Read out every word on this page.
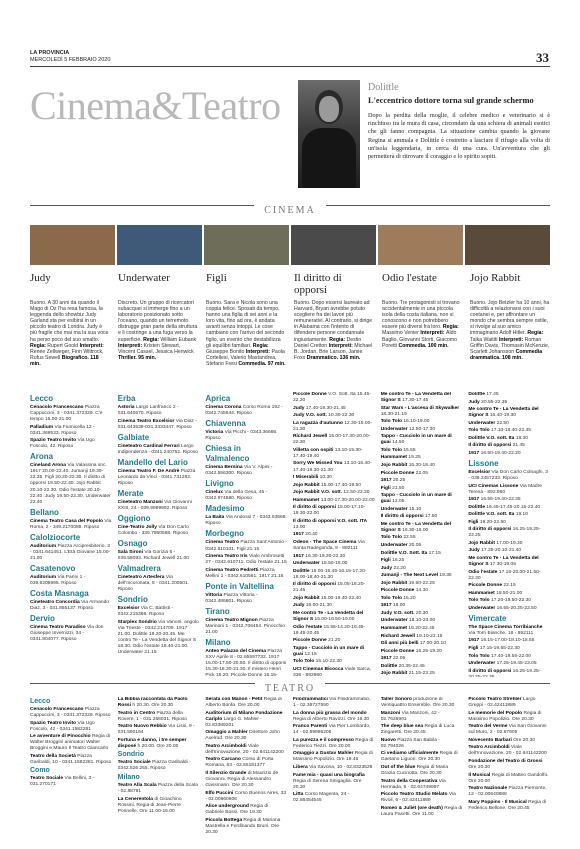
LA PROVINCIA
MERCOLEDÌ 5 FEBBRAIO 2020	33
Cinema&Teatro	Dolittle
L'eccentrico dottore torna sul grande schermo
Dopo la perdita della moglie, il celebre medico e veterinario si è rinchiuso tra le mura di casa, circondato da una schiera di animali esotici che gli fanno compagnia. La situazione cambia quando la giovane Regina si ammala e Dolittle è costretto a lasciare il rifugio alla volta di un'isola leggendaria, in cerca di una cura. Un'avventura che gli permetterà di ritrovare il coraggio e lo spirito sopiti.
CINEMA
Judy
Buono. A 30 anni da quando il Mago di Oz l'ha resa famosa, la leggenda dello showbiz Judy Garland sta per esibirsi in un piccolo teatro di Londra. Judy è più fragile che mai ma la sua voce ha perso poco del suo smalto. Regia: Rupert Goold Interpreti: Renée Zellweger, Finn Wittrock, Rufus Sewell Biografico. 118 min.
Underwater
Discreto. Un gruppo di ricercatori subacquei si immerge fino a un laboratorio posizionato sotto l'oceano, quando un terremoto distrugge gran parte della struttura e li costringe a una fuga verso la superficie. Regia: William Eubank Interpreti: Kristen Stewart, Vincent Cassel, Jessica Henwick Thriller. 95 min.
Figli
Buono. Sara e Nicola sono una coppia felice. Sposati da tempo, hanno una figlia di sei anni e la loro vita, fino ad ora, è andata avanti senza intoppi. Le cose cambiano con l'arrivo del secondo figlio, un evento che destabilizza gli equilibri familiari. Regia: Giuseppe Bonito Interpreti: Paola Cortellesi, Valerio Mastandrea, Stefano Fresi Commedia. 97 min.
Il diritto di opporsi
Buono. Dopo essersi laureato ad Harvard, Bryan avrebbe potuto scegliere fra dei lavori più remunerativi. Al contrario, si dirige in Alabama con l'intento di difendere persone condannate ingiustamente. Regia: Destin Daniel Cretton Interpreti: Michael B. Jordan, Brie Larson, Jamie Foxx Drammatico. 136 min.
Odio l'estate
Buono. Tre protagonisti si trovano accidentalmente in una piccola isola della costa italiana, non si conoscono e non potrebbero essere più diversi fra loro. Regia: Massimo Venier Interpreti: Aldo Baglio, Giovanni Storti, Giacomo Poretti Commedia. 100 min.
Jojo Rabbit
Buono. Jojo Betzler ha 10 anni, ha difficoltà a relazionarsi con i suoi coetanei e, per affrontare un mondo che sembra sempre ostile, si rivolge al suo amico immaginario Adolf Hitler. Regia: Taika Waititi Interpreti: Roman Griffin Davis, Thomasin McKenzie, Scarlett Johansson Commedia drammatica. 108 min.
Lecco
Cenacolo Francescano Piazza Cappuccini, 3 - 0341.372329. C'è tempo 15.00-21.00
Palladium Via Fiumicella 12 - 0341.369533. Riposo
Spazio Teatro Invito Via Ugo Foscolo, 42. Riposo
Arona
Cineland Arona Via Valassina snc. 1917 20.00-22.40. Jumanji 19.30-22.35. Figli 20.20-22.30. Il diritto di opporsi 19.50-22.40. Jojo Rabbit 20.10-22.30. Odio l'estate 20.10-22.40. Judy 19.50-22.30. Underwater 22.40
Bellano
Cinema Teatro Casa del Popolo Via Roma, 2 - 349.2170089. Riposo
Calolziocorte
Auditorium Piazza Arcipresbiterio, 3 - 0341.641451. L'Età Giovane 15.00-21.00
Casatenovo
Auditorium Via Parini 1 - 039.9205995. Riposo
Costa Masnaga
Cineteatro Concordia Via Armando Diaz, 3 - 031.855137. Riposo
Dervio
Cinema Teatro Paradiso Via don Giuseppe Invernizzi, 34 - 0341.804077. Riposo
Erba
Astoria Largo Lanfranco 2 - 031.640670. Riposo
Cinema Teatro Excelsior Via Diaz - 031.643539-031.3333447. Riposo
Galbiate
Cineteatro Cardinal Ferrari Largo Indipendenza - 0341.240752. Riposo
Mandello del Lario
Cinema Teatro F. De Andrè Piazza Leonardo da Vinci - 0341.731282. Riposo
Merate
Cineteatro Manzoni Via Giovanni XXIII, 24 - 039.9989992. Riposo
Oggiono
Cine-Teatro Jolly Via Don Carlo Colombo - 339.7860568. Riposo
Osnago
Sala Sironi Via Gorizia 6 - 039.58093. Richard Jewell 21.00
Valmadrera
Cineteatro Artesfera Via dell'Incoronata, 8 - 0341.200501. Riposo
Sondrio
Excelsior Via C. Battisti - 0342.215368. Riposo
Starplex Sondrio Via Vanoni, angolo Via Trieste - 0342.214709. 1917 21.00. Dolittle 18.20-20.45. Me contro Te - La Vendetta del Signor S 18.30. Odio l'estate 18.40-21.00. Underwater 21.15
Aprica
Cinema Corona Corso Roma 192 - 0342.745544. Riposo
Chiavenna
Victoria Via Picchi - 0343.36666. Riposo
Chiesa in Valmalenco
Cinema Bernina Via V. Alpini - 0342.556300. Riposo
Livigno
Cinelux Via della Gesa, 45 - 0342.974580. Riposo
Madesimo
La Baita Via Andossi 7 - 0343.53568. Riposo
Morbegno
Cinema Teatro Piazza Sant'Antonio - 0342.610101. Figli 21.15
Cinema Teatro Iris Viale Ambrosetti 27 - 0342.610711. Odio l'estate 21.15
Cinema Teatro Pedretti Piazza Mellini 1 - 0342.610561. 1917 21.15
Ponte in Valtellina
Vittoria Piazza Vittoria - 0342.486801. Riposo
Tirano
Cinema Teatro Mignon Piazza Marinoni 1 - 0342.706454. Pinocchio 21.00
Milano
Anteo Palazzo del Cinema Piazza XXV Aprile 8 - 02.65597732. 1917 15.00-17.50-20.50. Il diritto di opporsi 15.30-18.30-21.30. Il mistero Henri Pick 15.20. Piccole Donne 15.15-
Piccole Donne V.O. Sott. Ita 15.45-22.20
Judy 17.40-19.30-21.45
Judy V.O. sott. 10.30-22.30
La ragazza d'autunno 12.30-15.00-21.30
Richard Jewell 15.00-17.30-20.00-22.30
Villetta con ospiti 13.10-15.30-17.40-19.40
Sorry We Missed You 13.10-15.40-17.40-19.30-21.30
I Miserabili 10.30
Jojo Rabbit 15.00-17.40-19.50
Jojo Rabbit V.O. sott. 12.50-22.30
Hammamet 13.00-17.30-20.00-22.00
Il diritto di opporsi 15.00-17.10-19.30-22.00
Il diritto di opporsi V.O. sott. ITA 13.00
1917 20.40
Odeon - The Space Cinema Via Santa Radegonda, 8 - 892111
1917 16.30-19.30-22.30
Underwater 15.50-18.00
Dolittle 15.00-15.45-16.15-17.20-18.00-18.40-21.30
Il diritto di opporsi 15.05-18.20-21.45
Jojo Rabbit 15.00-19.40-22.40
Judy 16.00-21.30
Me contro Te - La Vendetta del Signor S 15.00-16.50-19.00
Odio l'estate 15.55-14.20-16.45-19.45-20.45
Piccole Donne 21.20
Tappo - Cucciolo in un mare di guai 12.15
Tolo Tolo 15.10-22.30
UCI Cinemas Bicocca Viale Sarca, 336 - 892960
Me contro Te - La Vendetta del Signor S 17.30-17.45
Star Wars - L'ascesa di Skywalker 18.30-21.15
Tolo Tolo 16.10-19.00
Underwater 12.50-17.30
Tappo - Cucciolo in un mare di guai 14.50
Tolo Tolo 15.55
Hammamet 19.25
Jojo Rabbit 16.30-18.40
Piccole Donne 22.05
1917 20.25
Figli 21.50
Tappo - Cucciolo in un mare di guai 12.05
Underwater 15.10
Il diritto di opporsi 17.50
Me contro Te - La Vendetta del Signor S 16.30-16.00
Tolo Tolo 22.55
Underwater 20.05
Dolittle V.O. Sott. Ita 17.15
Figli 16.25
Judy 22.20
Jumanji - The Next Level 19.35
Jojo Rabbit 19.50-22.25
Piccole Donne 14.30
Tolo Tolo 15.20
1917 18.00
Judy V.O. sott. 20.30
Underwater 18.10-23.00
Hammamet 16.20-22.45
Richard Jewell 19.10-22.15
Gli anni più belli 17.00-20.10
Piccole Donne 16.25-19.20
1917 22.05
Dolittle 20.35-22.45
Jojo Rabbit 21.15-23.25
Dolittle 17.45
Judy 20.55-22.35
Me contro Te - La Vendetta del Signor S 16.40-19.30
Underwater 22.50
Tolo Tolo 17.10-19.40-22.45
Dolittle V.O. sott. Ita 19.30
Il diritto di opporsi 21.45
1917 16.50-19.40-22.20
Lissone
Excelsior Via Don Carlo Colnaghi, 3 - 039.2457233. Riposo
UCI Cinemas Lissone Via Madre Teresa - 892.960
1917 16.55-19.40-22.35
Dolittle 16.45-17.45-20.15-22.40
Dolittle V.O. sott. Ita 19.10
Figli 19.20-22.50
Il diritto di opporsi 16.25-19.25-22.25
Jojo Rabbit 17.00-19.30
Judy 17.25-20.10-21.40
Me contro Te - La Vendetta del Signor S 17.30-19.05
Odio l'estate 17.15-20.00-21.50-22.30
Piccole Donne 22.15
Hammamet 18.50-21.00
Tolo Tolo 17.20-19.50-22.30
Underwater 16.55-20.25-22.50
Vimercate
The Space Cinema Torribianche Via Torri Bianche, 16 - 892111
1917 16.15-17.00-18.10-18.55
Figli 17.15-19.55-22.30
Tolo Tolo 17.40-19.55-22.00
Underwater 17.25-19.45-22.05
Il diritto di opporsi 16.25-19.25-
TEATRO
Lecco
Cenacolo Francescano Piazza Cappuccini, 3 - 0341.372329. Riposo
Spazio Teatro Invito Via Ugo Foscolo, 42 - 0341.1582281
Le avventure di Pinocchio Regia di Walter Broggini animatori Walter Broggini e Mauro Il Teatro Giancarlo
Teatro della Società Piazza Garibaldi, 10 - 0341.1582281. Riposo
Como
Teatro Sociale Via Bellini, 3 - 031.270171
La Bibbia raccontata da Paolo Rossi h 20.30. Ore 20.30
Teatro in Centro Piazza della Rovere, 1 - 031.266031. Riposo
Teatro Nuovo Rebbio Via Lissi, 9 - 031.590164
Fortuna e danno, i tre semper disposé h 20.00. Ore 20.00
Sondrio
Teatro Sociale Piazza Garibaldi - 0342.526 255. Riposo
Milano
Teatro Alla Scala Piazza della Scala - 02.88791
La Cenerentola di Gioachino Rossini. Regia di Jean-Pierre Ponnelle. Ore 11.00-15.00
Serata con Manon - Petit Regia di Alberto Bonfa. Ore 20.00
Auditorium di Milano Fondazione Cariplo Largo G. Mahler - 02.83389201
Omaggio a Mahler Direttore John Axelrod. Ore 20.30
Teatro Arcimboldi Viale dell'Innovazione, 20 - 02.641142200
Teatro Carcano Corso di Porta Romana, 63 - 02.55181377
Il Silenzio Grande di Maurizio de Giovanni. Regia di Alessandro Gassmann. Ore 20.30
Elfo Puccini Corso Buenos Aires, 33 - 02.00660606
Alice underground Regia di Gabriele Bossi. Ore 19.30
Piccola Bottega Regia di Mariana Mastrella e Ferdinando Bruni. Ore 20.30
Filodrammatici Via Filodrammatici, 1 - 02.36727550
La donna più grassa del mondo Regia di Alberto Ravizzi. Ore 19.30
Franco Parenti Via Pier Lombardo, 14 - 02.59995206
La purezza e il compresso Regia di Federico Tiezzi. Ore 20.00
Omaggio a Gustav Mahler Regia di Massimo Popolizio. Ore 19.45
Libera Via Savona, 10 - 02.8323528
Fame mia - quasi una biografia Regia di Serena Sinigaglia. Ore 20.30
Litta Corso Magenta, 24 - 02.86454545
Taller Sonoro produzione di Ventiquattro Ensemble. Ore 20.30
Manzoni Via Manzoni, 42 - 02.7636901
The deep blue sea Regia di Luca Zingaretti. Ore 20.45
Nuovo Piazza San Babila - 02.794026
Ci vediamo ufficialmente Regia di Gaetano Liguori. Ore 20.30
Out of the blue Regia di Maria Grazia Cucinotta. Ore 20.30
Teatro della Cooperativa Via Hermada, 8 - 02.64749997
Piccolo Teatro Studio Melato Via Rivoli, 6 - 02.42411889
Romeo & Juliet (ore death) Regia di Laura Pasetti. Ore 11.00
Piccolo Teatro Strehler Largo Greppi - 02.42411889
Le memorie del Popolo Regia di Massimo Popolizio. Ore 20.30
Teatro del Verme Via San Giovanni sul Muro, 2 - 02.87905
Novecento Barbari Ore 20.30
Teatro Arcimboldi Viale dell'Innovazione, 20 - 02.641142200
Fondazione del Teatro di Grossi Ore 20.30
Il Musical Regia di Matteo Gandolfo. Ore 20.00
Teatro Nazionale Piazza Piemonte, 12 - 02.00640888
Mary Poppins - Il Musical Regia di Federico Bellone. Ore 20.45
